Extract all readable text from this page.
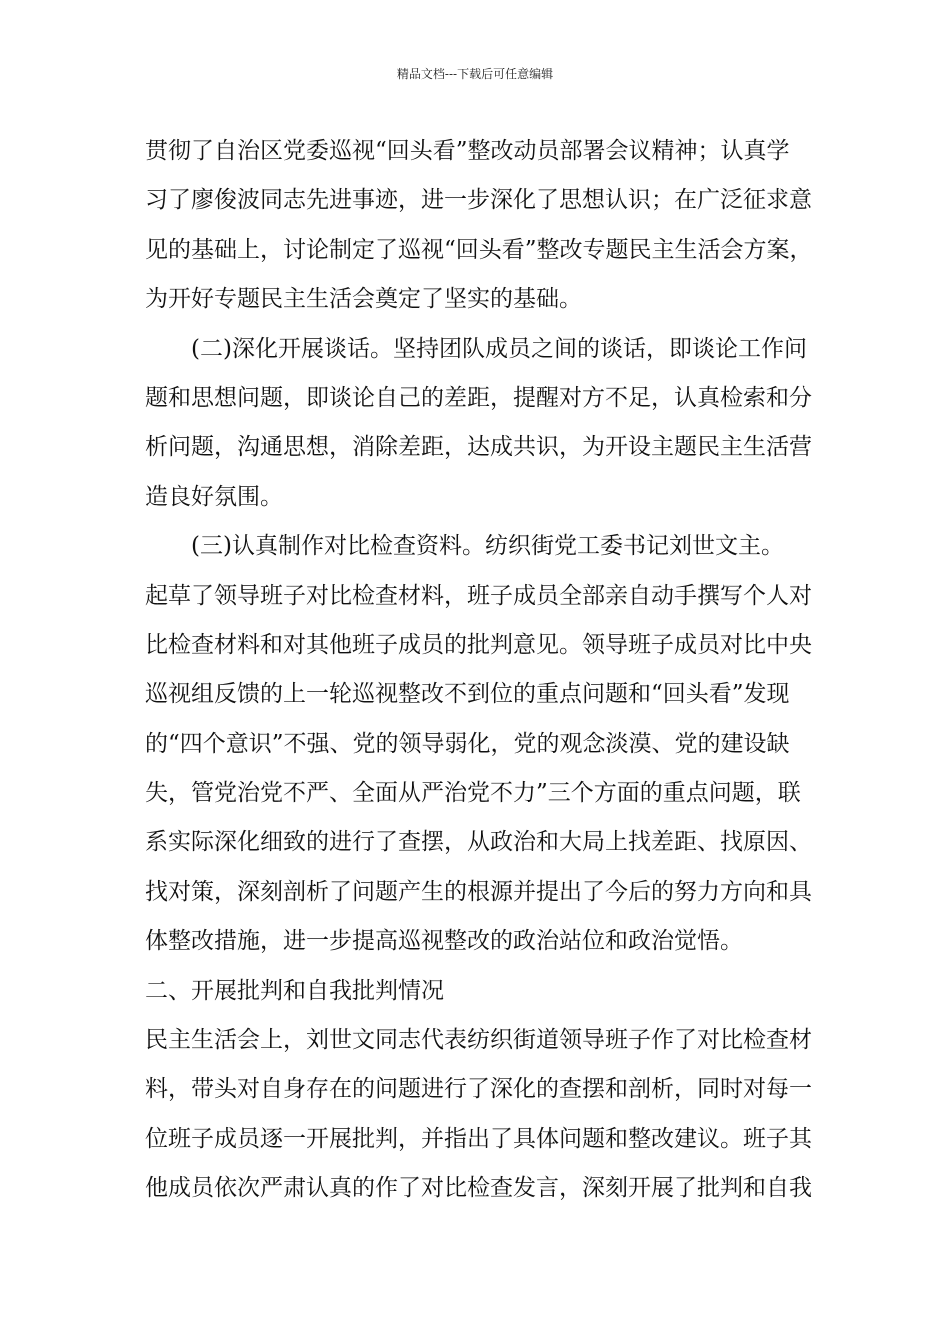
精品文档---下载后可任意编辑
贯彻了自治区党委巡视“回头看”整改动员部署会议精神；认真学
习了廖俊波同志先进事迹，进一步深化了思想认识；在广泛征求意
见的基础上，讨论制定了巡视“回头看”整改专题民主生活会方案，
为开好专题民主生活会奠定了坚实的基础。
(二)深化开展谈话。坚持团队成员之间的谈话，即谈论工作问
题和思想问题，即谈论自己的差距，提醒对方不足，认真检索和分
析问题，沟通思想，消除差距，达成共识，为开设主题民主生活营
造良好氛围。
(三)认真制作对比检查资料。纺织街党工委书记刘世文主。
起草了领导班子对比检查材料，班子成员全部亲自动手撰写个人对
比检查材料和对其他班子成员的批判意见。领导班子成员对比中央
巡视组反馈的上一轮巡视整改不到位的重点问题和“回头看”发现
的“四个意识”不强、党的领导弱化，党的观念淡漠、党的建设缺
失，管党治党不严、全面从严治党不力”三个方面的重点问题，联
系实际深化细致的进行了查摆，从政治和大局上找差距、找原因、
找对策，深刻剖析了问题产生的根源并提出了今后的努力方向和具
体整改措施，进一步提高巡视整改的政治站位和政治觉悟。
二、开展批判和自我批判情况
民主生活会上，刘世文同志代表纺织街道领导班子作了对比检查材
料，带头对自身存在的问题进行了深化的查摆和剖析，同时对每一
位班子成员逐一开展批判，并指出了具体问题和整改建议。班子其
他成员依次严肃认真的作了对比检查发言，深刻开展了批判和自我
